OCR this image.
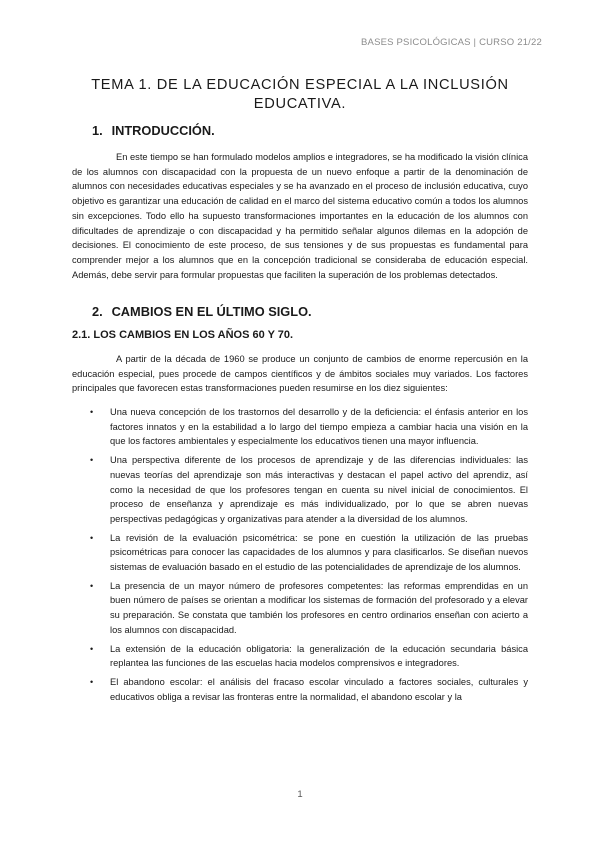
BASES PSICOLÓGICAS | CURSO 21/22
TEMA 1. DE LA EDUCACIÓN ESPECIAL A LA INCLUSIÓN
EDUCATIVA.
1. INTRODUCCIÓN.

En este tiempo se han formulado modelos amplios e integradores, se ha modificado la visión clínica de los alumnos con discapacidad con la propuesta de un nuevo enfoque a partir de la denominación de alumnos con necesidades educativas especiales y se ha avanzado en el proceso de inclusión educativa, cuyo objetivo es garantizar una educación de calidad en el marco del sistema educativo común a todos los alumnos sin excepciones. Todo ello ha supuesto transformaciones importantes en la educación de los alumnos con dificultades de aprendizaje o con discapacidad y ha permitido señalar algunos dilemas en la adopción de decisiones. El conocimiento de este proceso, de sus tensiones y de sus propuestas es fundamental para comprender mejor a los alumnos que en la concepción tradicional se consideraba de educación especial. Además, debe servir para formular propuestas que faciliten la superación de los problemas detectados.

2. CAMBIOS EN EL ÚLTIMO SIGLO.
2.1. LOS CAMBIOS EN LOS AÑOS 60 Y 70.

A partir de la década de 1960 se produce un conjunto de cambios de enorme repercusión en la educación especial, pues procede de campos científicos y de ámbitos sociales muy variados. Los factores principales que favorecen estas transformaciones pueden resumirse en los diez siguientes:

• Una nueva concepción de los trastornos del desarrollo y de la deficiencia: el énfasis anterior en los factores innatos y en la estabilidad a lo largo del tiempo empieza a cambiar hacia una visión en la que los factores ambientales y especialmente los educativos tienen una mayor influencia.
• Una perspectiva diferente de los procesos de aprendizaje y de las diferencias individuales: las nuevas teorías del aprendizaje son más interactivas y destacan el papel activo del aprendiz, así como la necesidad de que los profesores tengan en cuenta su nivel inicial de conocimientos. El proceso de enseñanza y aprendizaje es más individualizado, por lo que se abren nuevas perspectivas pedagógicas y organizativas para atender a la diversidad de los alumnos.
• La revisión de la evaluación psicométrica: se pone en cuestión la utilización de las pruebas psicométricas para conocer las capacidades de los alumnos y para clasificarlos. Se diseñan nuevos sistemas de evaluación basado en el estudio de las potencialidades de aprendizaje de los alumnos.
• La presencia de un mayor número de profesores competentes: las reformas emprendidas en un buen número de países se orientan a modificar los sistemas de formación del profesorado y a elevar su preparación. Se constata que también los profesores en centro ordinarios enseñan con acierto a los alumnos con discapacidad.
• La extensión de la educación obligatoria: la generalización de la educación secundaria básica replantea las funciones de las escuelas hacia modelos comprensivos e integradores.
• El abandono escolar: el análisis del fracaso escolar vinculado a factores sociales, culturales y educativos obliga a revisar las fronteras entre la normalidad, el abandono escolar y la
1
